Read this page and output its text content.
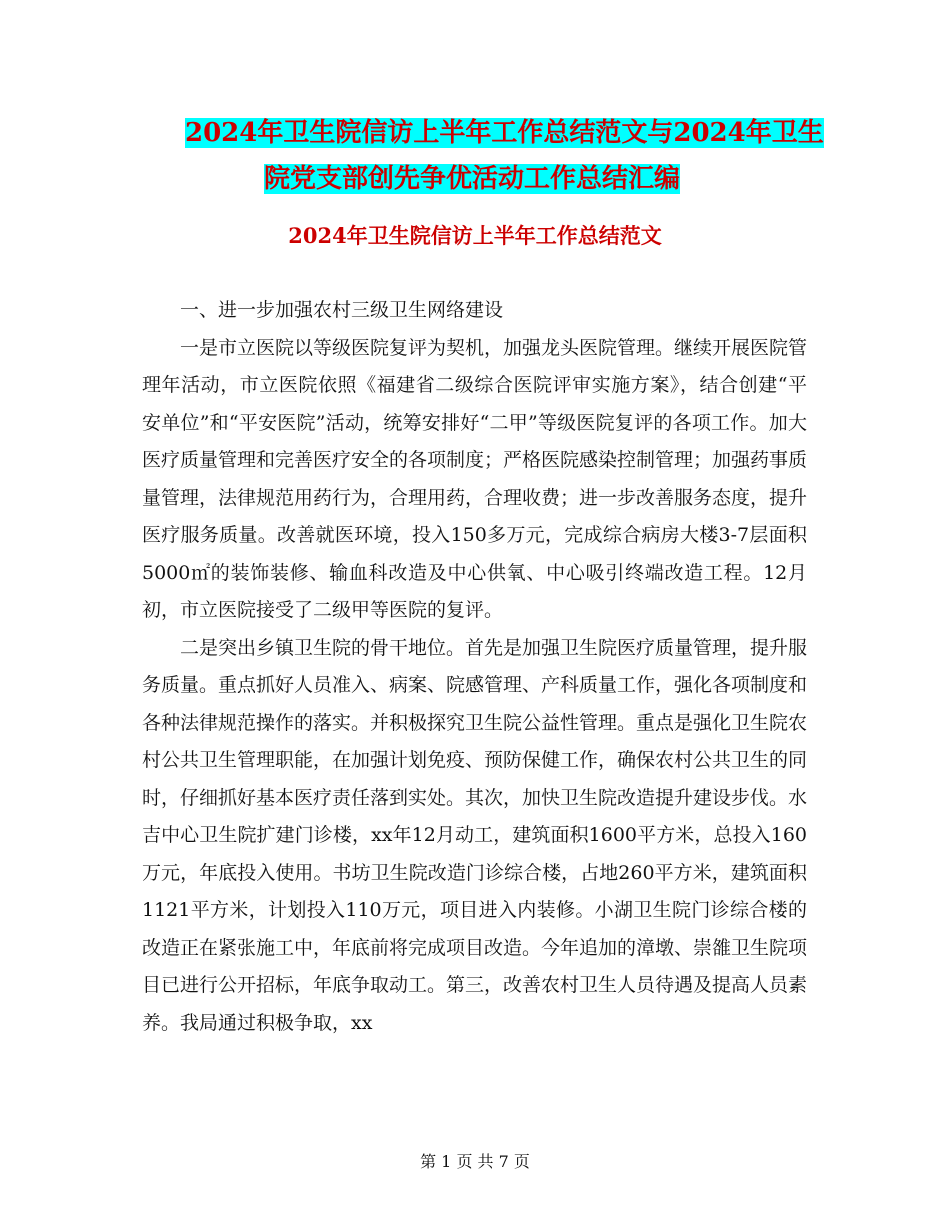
2024年卫生院信访上半年工作总结范文与2024年卫生
院党支部创先争优活动工作总结汇编
2024年卫生院信访上半年工作总结范文

一、进一步加强农村三级卫生网络建设

一是市立医院以等级医院复评为契机，加强龙头医院管理。继续开展医院管理年活动，市立医院依照《福建省二级综合医院评审实施方案》，结合创建“平安单位”和“平安医院”活动，统筹安排好“二甲”等级医院复评的各项工作。加大医疗质量管理和完善医疗安全的各项制度；严格医院感染控制管理；加强药事质量管理，法律规范用药行为，合理用药，合理收费；进一步改善服务态度，提升医疗服务质量。改善就医环境，投入150多万元，完成综合病房大楼3-7层面积5000㎡的装饰装修、输血科改造及中心供氧、中心吸引终端改造工程。12月初，市立医院接受了二级甲等医院的复评。

二是突出乡镇卫生院的骨干地位。首先是加强卫生院医疗质量管理，提升服务质量。重点抓好人员准入、病案、院感管理、产科质量工作，强化各项制度和各种法律规范操作的落实。并积极探究卫生院公益性管理。重点是强化卫生院农村公共卫生管理职能，在加强计划免疫、预防保健工作，确保农村公共卫生的同时，仔细抓好基本医疗责任落到实处。其次，加快卫生院改造提升建设步伐。水吉中心卫生院扩建门诊楼，xx年12月动工，建筑面积1600平方米，总投入160万元，年底投入使用。书坊卫生院改造门诊综合楼，占地260平方米，建筑面积1121平方米，计划投入110万元，项目进入内装修。小湖卫生院门诊综合楼的改造正在紧张施工中，年底前将完成项目改造。今年追加的漳墩、崇雒卫生院项目已进行公开招标，年底争取动工。第三，改善农村卫生人员待遇及提高人员素养。我局通过积极争取，xx

第 1 页 共 7 页
